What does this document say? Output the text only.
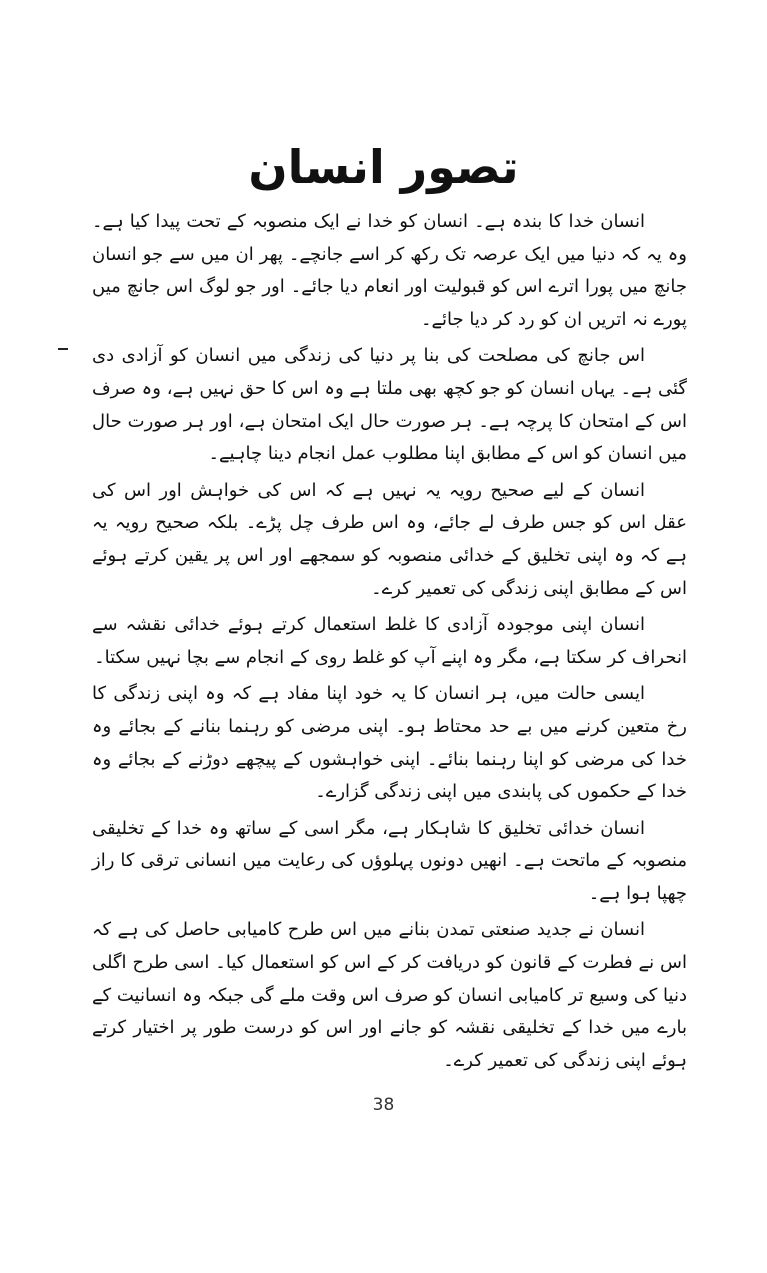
تصور انسان

انسان خدا کا بندہ ہے۔ انسان کو خدا نے ایک منصوبہ کے تحت پیدا کیا ہے۔ وہ یہ کہ دنیا میں ایک عرصہ تک رکھ کر اسے جانچے۔ پھر ان میں سے جو انسان جانچ میں پورا اترے اس کو قبولیت اور انعام دیا جائے۔ اور جو لوگ اس جانچ میں پورے نہ اتریں ان کو رد کر دیا جائے۔

اس جانچ کی مصلحت کی بنا پر دنیا کی زندگی میں انسان کو آزادی دی گئی ہے۔ یہاں انسان کو جو کچھ بھی ملتا ہے وہ اس کا حق نہیں ہے، وہ صرف اس کے امتحان کا پرچہ ہے۔ ہر صورت حال ایک امتحان ہے، اور ہر صورت حال میں انسان کو اس کے مطابق اپنا مطلوب عمل انجام دینا چاہیے۔

انسان کے لیے صحیح رویہ یہ نہیں ہے کہ اس کی خواہش اور اس کی عقل اس کو جس طرف لے جائے، وہ اس طرف چل پڑے۔ بلکہ صحیح رویہ یہ ہے کہ وہ اپنی تخلیق کے خدائی منصوبہ کو سمجھے اور اس پر یقین کرتے ہوئے اس کے مطابق اپنی زندگی کی تعمیر کرے۔

انسان اپنی موجودہ آزادی کا غلط استعمال کرتے ہوئے خدائی نقشہ سے انحراف کر سکتا ہے، مگر وہ اپنے آپ کو غلط روی کے انجام سے بچا نہیں سکتا۔

ایسی حالت میں، ہر انسان کا یہ خود اپنا مفاد ہے کہ وہ اپنی زندگی کا رخ متعین کرنے میں بے حد محتاط ہو۔ اپنی مرضی کو رہنما بنانے کے بجائے وہ خدا کی مرضی کو اپنا رہنما بنائے۔ اپنی خواہشوں کے پیچھے دوڑنے کے بجائے وہ خدا کے حکموں کی پابندی میں اپنی زندگی گزارے۔

انسان خدائی تخلیق کا شاہکار ہے، مگر اسی کے ساتھ وہ خدا کے تخلیقی منصوبہ کے ماتحت ہے۔ انھیں دونوں پہلوؤں کی رعایت میں انسانی ترقی کا راز چھپا ہوا ہے۔

انسان نے جدید صنعتی تمدن بنانے میں اس طرح کامیابی حاصل کی ہے کہ اس نے فطرت کے قانون کو دریافت کر کے اس کو استعمال کیا۔ اسی طرح اگلی دنیا کی وسیع تر کامیابی انسان کو صرف اس وقت ملے گی جبکہ وہ انسانیت کے بارے میں خدا کے تخلیقی نقشہ کو جانے اور اس کو درست طور پر اختیار کرتے ہوئے اپنی زندگی کی تعمیر کرے۔

38
